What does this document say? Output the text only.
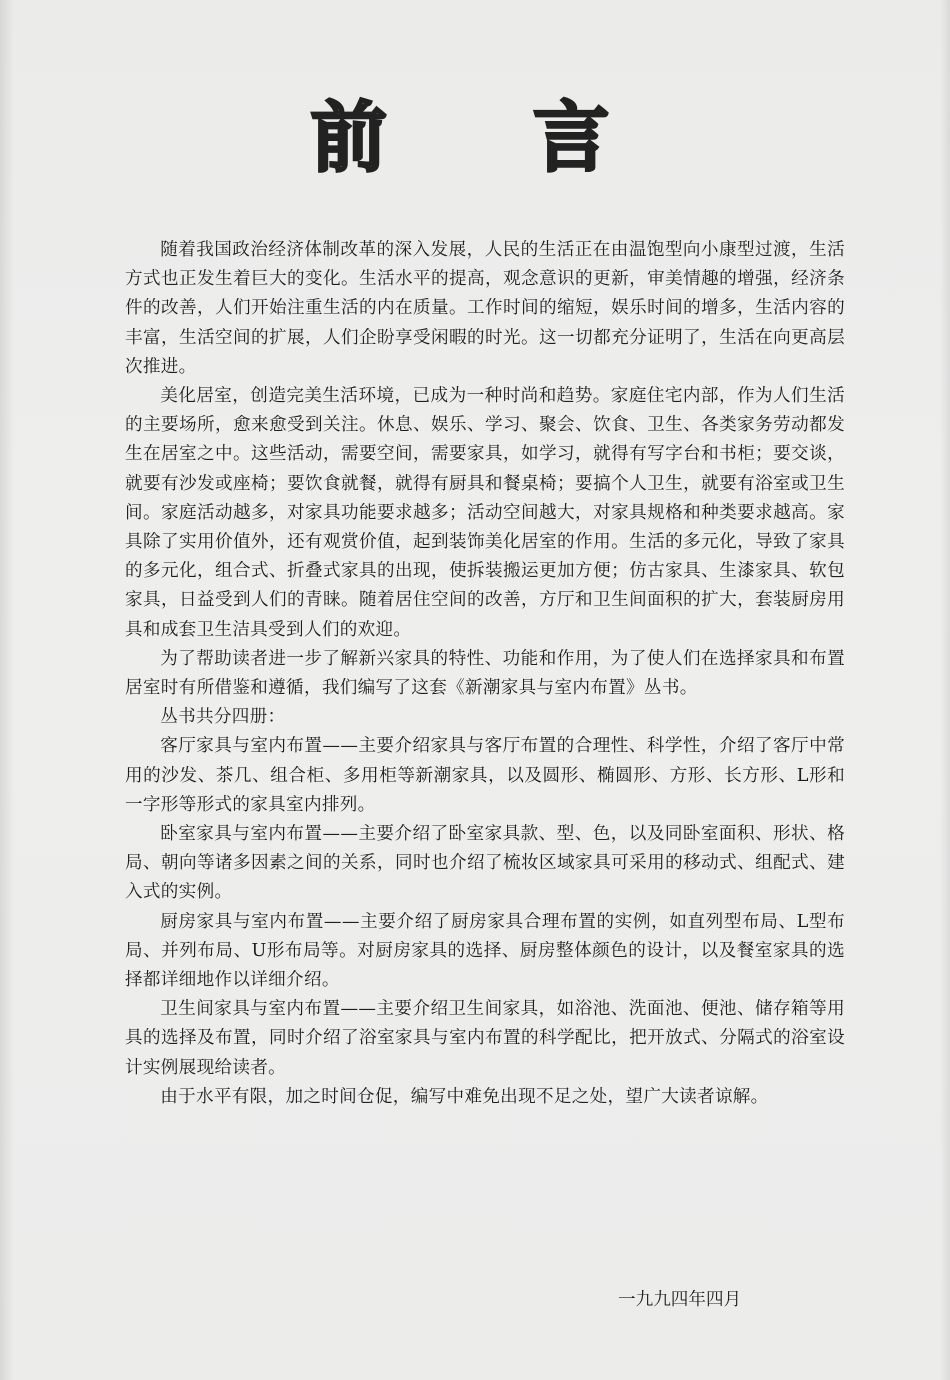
前 言

随着我国政治经济体制改革的深入发展，人民的生活正在由温饱型向小康型过渡，生活方式也正发生着巨大的变化。生活水平的提高，观念意识的更新，审美情趣的增强，经济条件的改善，人们开始注重生活的内在质量。工作时间的缩短，娱乐时间的增多，生活内容的丰富，生活空间的扩展，人们企盼享受闲暇的时光。这一切都充分证明了，生活在向更高层次推进。

美化居室，创造完美生活环境，已成为一种时尚和趋势。家庭住宅内部，作为人们生活的主要场所，愈来愈受到关注。休息、娱乐、学习、聚会、饮食、卫生、各类家务劳动都发生在居室之中。这些活动，需要空间，需要家具，如学习，就得有写字台和书柜；要交谈，就要有沙发或座椅；要饮食就餐，就得有厨具和餐桌椅；要搞个人卫生，就要有浴室或卫生间。家庭活动越多，对家具功能要求越多；活动空间越大，对家具规格和种类要求越高。家具除了实用价值外，还有观赏价值，起到装饰美化居室的作用。生活的多元化，导致了家具的多元化，组合式、折叠式家具的出现，使拆装搬运更加方便；仿古家具、生漆家具、软包家具，日益受到人们的青睐。随着居住空间的改善，方厅和卫生间面积的扩大，套装厨房用具和成套卫生洁具受到人们的欢迎。

为了帮助读者进一步了解新兴家具的特性、功能和作用，为了使人们在选择家具和布置居室时有所借鉴和遵循，我们编写了这套《新潮家具与室内布置》丛书。

丛书共分四册：

客厅家具与室内布置——主要介绍家具与客厅布置的合理性、科学性，介绍了客厅中常用的沙发、茶几、组合柜、多用柜等新潮家具，以及圆形、椭圆形、方形、长方形、L形和一字形等形式的家具室内排列。

卧室家具与室内布置——主要介绍了卧室家具款、型、色，以及同卧室面积、形状、格局、朝向等诸多因素之间的关系，同时也介绍了梳妆区域家具可采用的移动式、组配式、建入式的实例。

厨房家具与室内布置——主要介绍了厨房家具合理布置的实例，如直列型布局、L型布局、并列布局、U形布局等。对厨房家具的选择、厨房整体颜色的设计，以及餐室家具的选择都详细地作以详细介绍。

卫生间家具与室内布置——主要介绍卫生间家具，如浴池、洗面池、便池、储存箱等用具的选择及布置，同时介绍了浴室家具与室内布置的科学配比，把开放式、分隔式的浴室设计实例展现给读者。

由于水平有限，加之时间仓促，编写中难免出现不足之处，望广大读者谅解。

一九九四年四月
